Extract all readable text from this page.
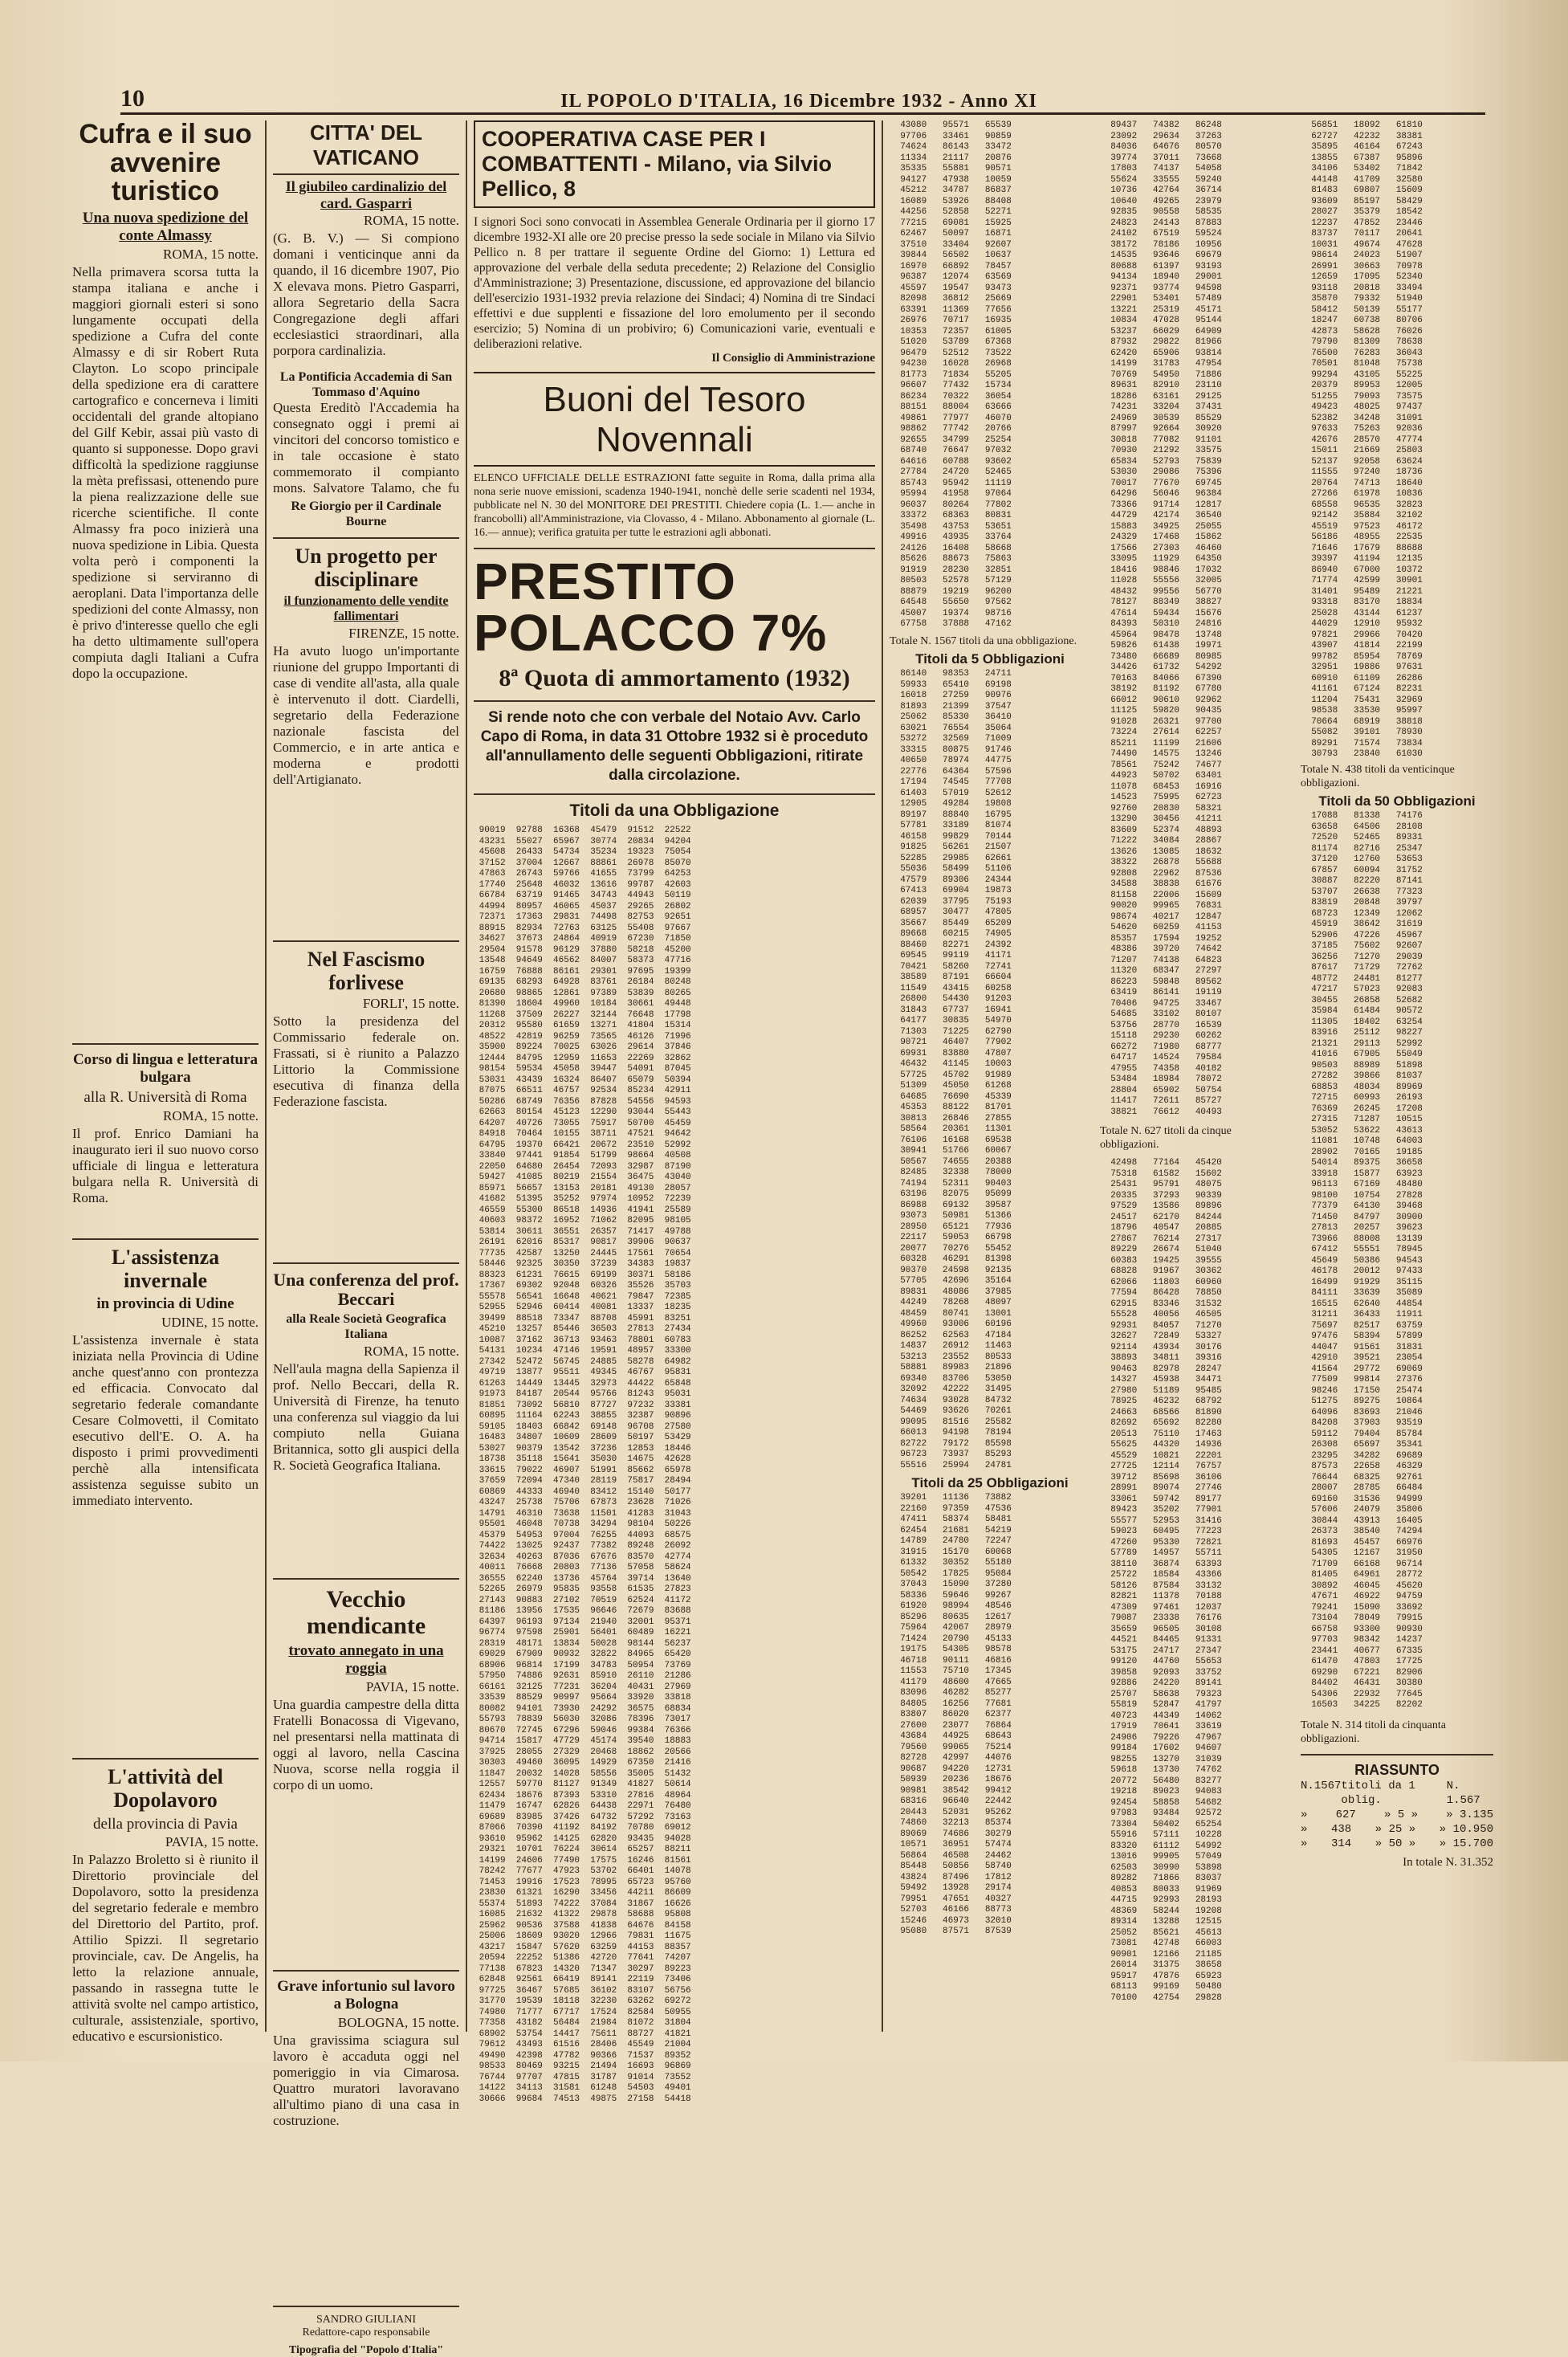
10	IL POPOLO D'ITALIA, 16 Dicembre 1932 - Anno XI
Cufra e il suo avvenire turistico
Una nuova spedizione del conte Almassy
ROMA, 15 notte.

Nella primavera scorsa tutta la stampa italiana e anche i maggiori giornali esteri si sono lungamente occupati della spedizione a Cufra del conte Almassy e di sir Robert Ruta Clayton. Lo scopo principale della spedizione era di carattere cartografico e concerneva i limiti occidentali del grande altopiano del Gilf Kebir, assai più vasto di quanto si supponesse. Dopo gravi difficoltà la spedizione raggiunse la mèta prefissasi, ottenendo pure la piena realizzazione delle sue ricerche scientifiche. Il conte Almassy fra poco inizierà una nuova spedizione in Libia. Questa volta però i componenti la spedizione si serviranno di aeroplani. Data l'importanza delle spedizioni del conte Almassy, non è privo d'interesse quello che egli ha detto ultimamente sull'opera compiuta dagli Italiani a Cufra dopo la occupazione.

Corso di lingua e letteratura bulgara
alla R. Università di Roma
ROMA, 15 notte.

Il prof. Enrico Damiani ha inaugurato ieri il suo nuovo corso ufficiale di lingua e letteratura bulgara nella R. Università di Roma.

L'assistenza invernale
in provincia di Udine
UDINE, 15 notte.

L'assistenza invernale è stata iniziata nella Provincia di Udine anche quest'anno con prontezza ed efficacia. Convocato dal segretario federale comandante Cesare Colmovetti, il Comitato esecutivo dell'E. O. A. ha disposto i primi provvedimenti perchè alla intensificata assistenza seguisse subito un immediato intervento.

L'attività del Dopolavoro
della provincia di Pavia
PAVIA, 15 notte.

In Palazzo Broletto si è riunito il Direttorio provinciale del Dopolavoro, sotto la presidenza del segretario federale e membro del Direttorio del Partito, prof. Attilio Spizzi. Il segretario provinciale, cav. De Angelis, ha letto la relazione annuale, passando in rassegna tutte le attività svolte nel campo artistico, culturale, assistenziale, sportivo, educativo e escursionistico.

CITTA' DEL VATICANO
Il giubileo cardinalizio del card. Gasparri
ROMA, 15 notte.

(G. B. V.) — Si compiono domani i venticinque anni da quando, il 16 dicembre 1907, Pio X elevava mons. Pietro Gasparri, allora Segretario della Sacra Congregazione degli affari ecclesiastici straordinari, alla porpora cardinalizia.

La Pontificia Accademia di San Tommaso d'Aquino

Questa Ereditò l'Accademia ha consegnato oggi i premi ai vincitori del concorso tomistico e in tale occasione è stato commemorato il compianto mons. Salvatore Talamo, che fu

Re Giorgio per il Cardinale Bourne
Un progetto per disciplinare
il funzionamento delle vendite fallimentari
FIRENZE, 15 notte.

Ha avuto luogo un'importante riunione del gruppo Importanti di case di vendite all'asta, alla quale è intervenuto il dott. Ciardelli, segretario della Federazione nazionale fascista del Commercio, e in arte antica e moderna e prodotti dell'Artigianato.

Nel Fascismo forlivese
FORLI', 15 notte.

Sotto la presidenza del Commissario federale on. Frassati, si è riunito a Palazzo Littorio la Commissione esecutiva di finanza della Federazione fascista.

Una conferenza del prof. Beccari
alla Reale Società Geografica Italiana
ROMA, 15 notte.

Nell'aula magna della Sapienza il prof. Nello Beccari, della R. Università di Firenze, ha tenuto una conferenza sul viaggio da lui compiuto nella Guiana Britannica, sotto gli auspici della R. Società Geografica Italiana.

Vecchio mendicante
trovato annegato in una roggia
PAVIA, 15 notte.

Una guardia campestre della ditta Fratelli Bonacossa di Vigevano, nel presentarsi nella mattinata di oggi al lavoro, nella Cascina Nuova, scorse nella roggia il corpo di un uomo.

Grave infortunio sul lavoro a Bologna
BOLOGNA, 15 notte.

Una gravissima sciagura sul lavoro è accaduta oggi nel pomeriggio in via Cimarosa. Quattro muratori lavoravano all'ultimo piano di una casa in costruzione.

SANDRO GIULIANI
Redattore-capo responsabile
Tipografia del "Popolo d'Italia"
COOPERATIVA CASE PER I COMBATTENTI - Milano, via Silvio Pellico, 8

I signori Soci sono convocati in Assemblea Generale Ordinaria per il giorno 17 dicembre 1932-XI alle ore 20 precise presso la sede sociale in Milano via Silvio Pellico n. 8 per trattare il seguente Ordine del Giorno: 1) Lettura ed approvazione del verbale della seduta precedente; 2) Relazione del Consiglio d'Amministrazione; 3) Presentazione, discussione, ed approvazione del bilancio dell'esercizio 1931-1932 previa relazione dei Sindaci; 4) Nomina di tre Sindaci effettivi e due supplenti e fissazione del loro emolumento per il secondo esercizio; 5) Nomina di un probiviro; 6) Comunicazioni varie, eventuali e deliberazioni relative.

Il Consiglio di Amministrazione
Buoni del Tesoro Novennali

ELENCO UFFICIALE DELLE ESTRAZIONI fatte seguite in Roma, dalla prima alla nona serie nuove emissioni, scadenza 1940-1941, nonchè delle serie scadenti nel 1934, pubblicate nel N. 30 del MONITORE DEI PRESTITI. Chiedere copia (L. 1.— anche in francobolli) all'Amministrazione, via Clovasso, 4 - Milano. Abbonamento al giornale (L. 16.— annue); verifica gratuita per tutte le estrazioni agli abbonati.

PRESTITO POLACCO 7%
8ª Quota di ammortamento (1932)

Si rende noto che con verbale del Notaio Avv. Carlo Capo di Roma, in data 31 Ottobre 1932 si è proceduto all'annullamento delle seguenti Obbligazioni, ritirate dalla circolazione.

Titoli da una Obbligazione
90019  92788  16368  45479  91512  22522
43231  55027  65967  30774  20834  94204
45608  26433  54734  35234  19323  75054
37152  37004  12667  88861  26978  85070
47863  26743  59766  41655  73799  64253
17740  25648  46032  13616  99787  42603
66784  63719  91465  34743  44943  50119
44994  80957  46065  45037  29265  26802
72371  17363  29831  74498  82753  92651
88915  82934  72763  63125  55408  97667
34627  37673  24864  40919  67230  71850
29504  91578  96129  37880  58218  45200
13548  94649  46562  84007  58373  47716
16759  76888  86161  29301  97695  19399
69135  68293  64928  83761  26184  80248
20680  98865  12861  97389  53839  80265
81390  18604  49960  10184  30661  49448
11268  37509  26227  32144  76648  17798
20312  95580  61659  13271  41804  15314
48522  42819  96259  73565  46126  71996
35900  89224  70025  63026  29614  37846
12444  84795  12959  11653  22269  32862
98154  59534  45058  39447  54091  87045
53031  43439  16324  86407  65079  50394
87075  66511  46757  92534  85234  42911
50286  68749  76356  87828  54556  94593
62663  80154  45123  12290  93044  55443
64207  40726  73055  75917  50700  45459
84918  70464  10155  38711  47521  94642
64795  19370  66421  20672  23510  52992
33840  97441  91854  51799  98664  40508
22050  64680  26454  72093  32987  87190
59427  41085  80219  21554  36475  43040
85971  56657  13153  20181  49130  28057
41682  51395  35252  97974  10952  72239
46559  55300  86518  14936  41941  25589
40603  98372  16952  71062  82095  98105
53814  30611  36551  26357  71417  49788
26191  62016  85317  90817  39906  90637
77735  42587  13250  24445  17561  70654
58446  92325  30350  37239  34383  19837
88323  61231  76615  69199  30371  58186
17367  69302  92048  60326  35526  35703
55578  56541  16648  40621  79847  72385
52955  52946  60414  40081  13337  18235
39499  88518  73347  88708  45991  83251
45210  13257  85446  36503  27813  27434
10087  37162  36713  93463  78801  60783
54131  10234  47146  19591  48957  33300
27342  52472  56745  24885  58278  64982
49719  13877  95511  49345  46767  95831
61263  14449  13445  32973  44422  65848
91973  84187  20544  95766  81243  95031
81851  73092  56810  87727  97232  33381
60895  11164  62243  38855  32387  90896
59105  18403  66842  69148  96708  27580
16483  34807  10609  28609  50197  53429
53027  90379  13542  37236  12853  18446
18738  35118  15641  35030  14675  42628
33615  79022  46907  51991  85662  65978
37659  72094  47340  28119  75817  28494
60869  44333  46940  83412  15140  50177
43247  25738  75706  67873  23628  71026
14791  46310  73638  11501  41283  31043
95501  46048  70738  34294  98104  50226
45379  54953  97004  76255  44093  68575
74422  13025  92437  77382  89248  26092
32634  40263  87036  67676  83570  42774
40011  76668  20803  77136  57058  58624
36555  62240  13736  45764  39714  13640
52265  26979  95835  93558  61535  27823
27143  90883  27102  70519  62524  41172
81186  13956  17535  96646  72679  83688
64397  96193  97134  21940  32001  95371
96774  97598  25901  56401  60489  16221
28319  48171  13834  50028  98144  56237
69029  67909  90932  32822  84965  65420
68906  96814  17199  34783  50954  73769
57950  74886  92631  85910  26110  21286
66161  32125  77231  36204  40431  27969
33539  88529  90997  95664  33920  33818
80082  94101  73930  24292  36575  68834
55793  78839  56030  32086  78396  73017
80670  72745  67296  59046  99384  76366
94714  15817  47729  45174  39540  18883
37925  28055  27329  20468  18862  20566
30303  49460  36095  14929  67350  21416
11847  20032  14028  58556  35005  51432
12557  59770  81127  91349  41827  50614
62434  18676  87393  53310  27816  48964
11479  16747  62826  64438  22971  76480
69689  83985  37426  64732  57292  73163
87066  70390  41192  84192  70780  69012
93610  95962  14125  62820  93435  94028
29321  10701  76224  30614  65257  88211
14199  24606  77490  17575  16246  81561
78242  77677  47923  53702  66401  14078
71453  19916  17523  78995  65723  95760
23830  61321  16290  33456  44211  86609
55374  51893  74222  37084  31867  16626
16085  21632  41322  29878  58688  95808
25962  90536  37588  41838  64676  84158
25006  18609  93020  12966  79831  11675
43217  15847  57620  63259  44153  88357
20594  22252  51386  42720  77641  74207
77138  67823  14320  71347  30297  89223
62848  92561  66419  89141  22119  73406
97725  36467  57685  36102  83107  56756
31770  19539  18118  32230  63262  69272
74980  71777  67717  17524  82584  50955
77358  43182  56484  21984  81072  31804
68902  53754  14417  75611  88727  41821
79612  43493  61516  28406  45549  21004
49490  42398  47782  90366  71537  89352
98533  80469  93215  21494  16693  96869
76744  97707  47815  31787  91014  73552
14122  34113  31581  61248  54503  49401
30666  99684  74513  49875  27158  54418
43080   95571   65539
97706   33461   90859
74624   86143   33472
11334   21117   20876
35335   55881   90571
94127   47938   10059
45212   34787   86837
16089   53926   88408
44256   52858   52271
77215   69081   15925
62467   50097   16871
37510   33404   92607
39844   56502   10637
16970   66892   78457
96387   12074   63569
45597   19547   93473
82098   36812   25669
63391   11369   77656
26976   70717   16935
10353   72357   61005
51020   53789   67368
96479   52512   73522
94230   16028   26968
81773   71834   55205
96607   77432   15734
86234   70322   36054
88151   88004   63666
49861   77977   46070
98862   77742   20766
92655   34799   25254
68740   76647   97032
64616   60788   93602
27784   24720   52465
85743   95942   11119
95994   41958   97064
96037   80264   77802
33372   68363   80831
35498   43753   53651
49916   43935   33764
24126   16408   58668
85626   88673   75863
91919   28230   32851
80503   52578   57129
88879   19219   96200
64548   55650   97562
45007   19374   98716
67758   37888   47162
Totale N. 1567 titoli da una obbligazione.
Titoli da 5 Obbligazioni
86140   98353   24711
59933   65410   69198
16018   27259   90976
81893   21399   37547
25062   85330   36410
63021   76554   35064
53272   32569   71009
33315   80875   91746
40650   78974   44775
22776   64364   57596
17194   74545   77708
61403   57019   52612
12905   49284   19808
89197   88840   16795
57781   33189   81074
46158   99829   70144
91825   56261   21507
52285   29985   62661
55036   58499   51106
47579   89306   24344
67413   69904   19873
62039   37795   75193
68957   30477   47805
35667   85449   65209
89668   60215   74905
88460   82271   24392
69545   99119   41171
70421   58260   72741
38589   87191   66604
11549   43415   60258
26800   54430   91203
31843   67737   16941
64177   30835   54970
71303   71225   62790
90721   46407   77902
69931   83880   47807
46432   41145   10003
57725   45702   91989
51309   45050   61268
64685   76690   45339
45353   88122   81701
30813   26846   27855
58564   20361   11301
76106   16168   69538
30941   51766   60067
50567   74655   20388
82485   32338   78000
74194   52311   90403
63196   82075   95099
86988   69132   39587
93073   50981   51366
28950   65121   77936
22117   59053   66798
20077   70276   55452
60328   46291   81398
90370   24598   92135
57705   42696   35164
89831   48086   37985
44249   78268   48097
48459   80741   13001
49960   93006   60196
86252   62563   47184
14837   26912   11463
53213   23552   80533
58881   89983   21896
69340   83706   53050
32092   42222   31495
74634   93028   84732
54469   93626   70261
99095   81516   25582
66013   94198   78194
82722   79172   85598
96723   73937   85293
55516   25994   24781
Titoli da 25 Obbligazioni
39201   11136   73882
22160   97359   47536
47411   58374   58481
62454   21681   54219
14789   24780   72247
31915   15170   60068
61332   30352   55180
50542   17825   95084
37043   15090   37280
58336   59646   99267
61920   98994   48546
85296   80635   12617
75964   42067   28979
71424   20790   45133
19175   54305   98578
46718   90111   46816
11553   75710   17345
41179   48600   47665
83096   46282   85277
84805   16256   77681
83807   86020   62377
27600   23077   76864
43684   44925   68643
79560   99065   75214
82728   42997   44076
90687   94220   12731
50939   20236   18676
90981   38542   99412
68316   96640   22442
20443   52031   95262
74860   32213   85374
89069   74686   30279
10571   36951   57474
56864   46508   24462
85448   50856   58740
43824   87496   17812
59492   13928   29174
79951   47651   40327
52703   46166   88773
15246   46973   32010
95080   87571   87539
89437   74382   86248
23092   29634   37263
84036   64676   80570
39774   37011   73668
17803   74137   54058
55624   33555   59240
10736   42764   36714
10640   49265   23979
92835   90558   58535
24823   24143   87883
24102   67519   59524
38172   78186   10956
14535   93646   69679
80688   61397   93193
94134   18940   29001
92371   93774   94598
22901   53401   57489
13221   25319   45171
10834   47028   95144
53237   66029   64909
87932   29822   81966
62420   65906   93814
14199   31783   47954
70769   54950   71886
89631   82910   23110
18286   63161   29125
74231   33204   37431
24969   30539   85529
87997   92664   30920
30818   77082   91101
70930   21292   33575
65834   52793   75839
53030   29086   75396
70017   77670   69745
64296   56046   96384
73366   91714   12817
44729   42174   36540
15883   34925   25055
24329   17468   15862
17566   27303   46460
33095   11929   64350
18416   98846   17032
11028   55556   32005
48432   99556   56770
78127   88349   38827
47614   59434   15676
84393   50310   24816
45964   98478   13748
59826   61438   19971
73480   66689   80985
34426   61732   54292
70163   84066   67390
38192   81192   67780
66012   90610   92962
11125   59820   90435
91028   26321   97700
73224   27614   62257
85211   11199   21606
74490   14575   13246
78561   75242   74677
44923   50702   63401
11078   68453   16916
14523   75995   62723
92760   20830   58321
13290   30456   41211
83609   52374   48893
71222   34084   28867
13626   13085   18632
38322   26878   55688
92808   22962   87536
34588   38838   61676
81158   22006   15609
90020   99965   76831
98674   40217   12847
54620   60259   41153
85357   17594   19252
48386   39720   74642
71207   74138   64823
11320   68347   27297
86223   59848   89562
63419   86141   19119
70406   94725   33467
54685   33102   80107
53756   28770   16539
15118   29230   60262
66272   71980   68777
64717   14524   79584
47955   74358   40182
53484   18984   78072
28804   65902   50754
11417   72611   85727
38821   76612   40493
Totale N. 627 titoli da cinque obbligazioni.
42498   77164   45420
75318   61582   15602
25431   95791   48075
20335   37293   90339
97529   13586   89896
24517   62170   84244
18796   40547   20885
27867   76214   27317
89229   26674   51040
60383   19425   39555
68828   91967   30362
62066   11803   60960
77594   86428   78850
62915   83346   31532
55528   40056   46505
92931   84057   71270
32627   72849   53327
92114   43934   30176
38893   34811   39316
90463   82978   28247
14327   45938   34471
27980   51189   95485
78925   46232   68792
24663   68566   81890
82692   65692   82280
20513   75110   17463
55625   44320   14936
45529   10821   22201
27725   12114   76757
39712   85698   36106
28991   89074   27746
33061   59742   89177
89423   35202   77901
55577   52953   31416
59023   60495   77223
47260   95330   72821
57789   14957   55711
38110   36874   63393
25722   18584   43366
58126   87584   33132
82821   11378   70188
47309   97461   12037
79087   23338   76176
35659   96505   30108
44521   84465   91331
53175   24717   27347
99120   44760   55653
39858   92093   33752
92886   24220   89141
25707   58638   79323
55819   52847   41797
40723   44349   14062
17919   70641   33619
24906   79226   47967
99184   17602   94607
98255   13270   31039
59618   13730   74762
20772   56480   83277
19218   89023   94083
92454   58858   54682
97983   93484   92572
73304   50402   65254
55916   57111   10228
83320   61112   54992
13016   99905   57049
62503   30990   53898
89282   71866   83037
40853   80033   91969
44715   92993   28193
48369   58244   19208
89314   13288   12515
25052   85621   45613
73081   42748   66003
90901   12166   21185
26014   31375   38658
95917   47876   65923
68113   99169   50480
70100   42754   29828
56851   18092   61810
62727   42232   38381
35895   46164   67243
13855   67387   95896
34106   53402   71842
44148   41709   32580
81483   69807   15609
93609   85197   58429
28027   35379   18542
12237   47852   23446
83737   70117   20641
10031   49674   47628
98614   24023   51907
26991   30663   70978
12659   17095   52340
93118   20818   33494
35870   79332   51940
58412   50139   55177
18247   60738   80706
42873   58628   76026
79790   81309   78638
76500   76283   36043
70501   81048   75738
99294   43105   55225
20379   89953   12005
51255   79093   73575
49423   48025   97437
52382   34248   31091
97633   75263   92036
42676   28570   47774
15011   21669   25803
52137   92058   63624
11555   97240   18736
20764   74713   18640
27266   61978   10836
68558   96535   32823
92142   35884   32102
45519   97523   46172
56186   48955   22535
71646   17679   88688
39397   41194   12135
86940   67000   10372
71774   42599   30901
31401   95489   21221
93318   83170   18834
25028   43144   61237
44029   12910   95932
97821   29966   70420
43907   41814   22199
99782   85954   78769
32951   19886   97631
60910   61109   26286
41161   67124   82231
11204   75431   32969
98538   33530   95997
70664   68919   38818
55082   39101   78930
89291   71574   73834
30793   23840   61030
Totale N. 438 titoli da venticinque obbligazioni.
Titoli da 50 Obbligazioni
17088   81338   74176
63658   64506   28108
72520   52465   89331
81174   82716   25347
37120   12760   53653
67857   60094   31752
30887   82220   87141
53707   26638   77323
83819   20848   39797
68723   12349   12062
45919   38642   31619
52906   47226   45967
37185   75602   92607
36256   71270   29039
87617   71729   72762
48772   24481   81277
47217   57023   92083
30455   26858   52682
35984   61484   90572
11305   18402   63254
83916   25112   98227
21321   29113   52992
41016   67905   55049
90503   88989   51898
27282   39866   81037
68853   48034   89969
72715   60993   26193
76369   26245   17208
27315   71287   10515
53052   53622   43613
11081   10748   64003
28902   70165   19185
54014   89375   36658
33918   15877   63923
96113   67169   48480
98100   10754   27828
77379   64130   39468
71450   84797   30900
27813   20257   39623
73966   88008   13139
67412   55551   78945
45649   50386   94543
46178   20012   97433
16499   91929   35115
84111   33639   35089
16515   62640   44854
31211   36433   11911
75697   82517   63759
97476   58394   57899
44047   91561   31831
42910   39521   23054
41564   29772   69069
77509   99814   27376
98246   17150   25474
51275   89275   10864
64096   83693   21046
84208   37903   93519
59112   79404   85784
26308   65697   35341
23295   34282   69689
87573   22658   46329
76644   68325   92761
28007   28785   66484
69160   31536   94999
57606   24079   35806
30844   43913   16405
26373   38540   74294
81693   45457   66976
54305   12167   31950
71709   66168   96714
81405   64961   28772
30892   46045   45620
47671   46922   94759
79241   15090   33692
73104   78049   79915
66758   93300   90930
97703   98342   14237
23441   40677   67335
61470   47803   17725
69290   67221   82906
84402   46431   30380
54306   22932   77645
16503   34225   82202
Totale N. 314 titoli da cinquanta obbligazioni.
RIASSUNTO
N. 1567 titoli da 1 oblig.
N. 1.567
»	627	» 5 »	» 3.135
» 438 » 25 » » 10.950
» 314 » 50 » » 15.700
In totale N. 31.352
